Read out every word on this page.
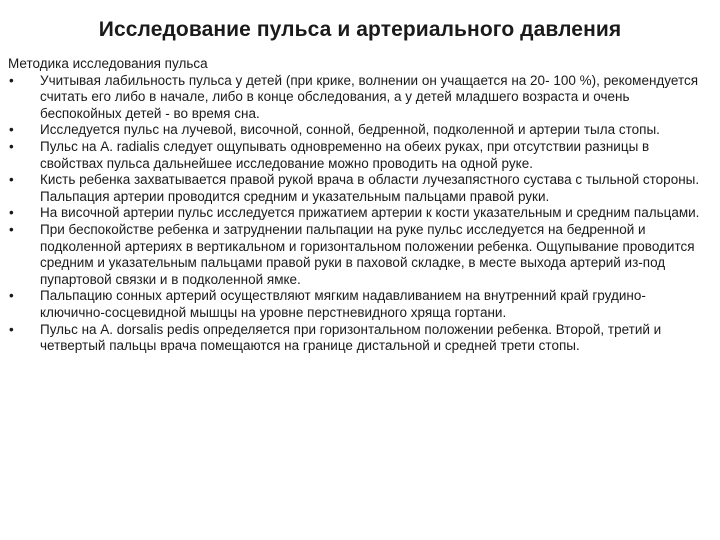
Исследование пульса и артериального давления

Методика исследования пульса

•	Учитывая лабильность пульса у детей (при крике, волнении он учащается на 20- 100 %), рекомендуется считать его либо в начале, либо в конце обследования, а у детей младшего возраста и очень беспокойных детей - во время сна.
•	Исследуется пульс на лучевой, височной, сонной, бедренной, подколенной и артерии тыла стопы.
•	Пульс на A. radialis следует ощупывать одновременно на обеих руках, при отсутствии разницы в свойствах пульса дальнейшее исследование можно проводить на одной руке.
•	Кисть ребенка захватывается правой рукой врача в области лучезапястного сустава с тыльной стороны. Пальпация артерии проводится средним и указательным пальцами правой руки.
•	На височной артерии пульс исследуется прижатием артерии к кости указательным и средним пальцами.
•	При беспокойстве ребенка и затруднении пальпации на руке пульс исследуется на бедренной и подколенной артериях в вертикальном и горизонтальном положении ребенка. Ощупывание проводится средним и указательным пальцами правой руки в паховой складке, в месте выхода артерий из-под пупартовой связки и в подколенной ямке.
•	Пальпацию сонных артерий осуществляют мягким надавливанием на внутренний край грудино-ключично-сосцевидной мышцы на уровне перстневидного хряща гортани.
•	Пульс на A. dorsalis pedis определяется при горизонтальном положении ребенка. Второй, третий и четвертый пальцы врача помещаются на границе дистальной и средней трети стопы.
